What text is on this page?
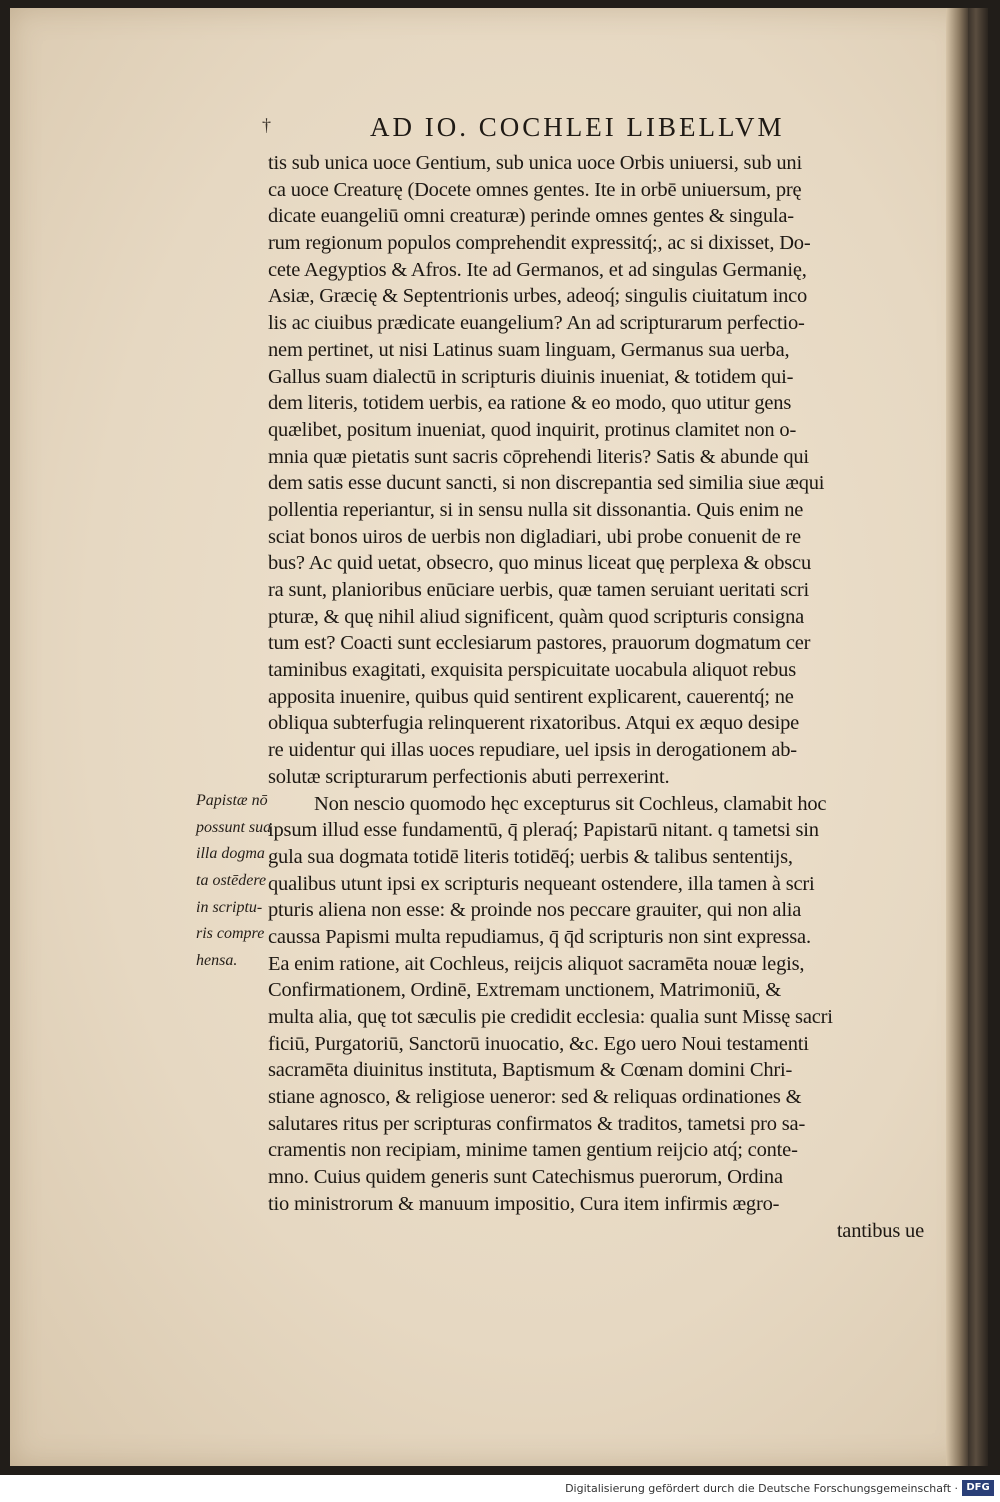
†	AD IO. COCHLEI LIBELLVM
tis sub unica uoce Gentium, sub unica uoce Orbis uniuersi, sub uni
ca uoce Creaturę (Docete omnes gentes. Ite in orbē uniuersum, prę
dicate euangeliū omni creaturæ) perinde omnes gentes & singula-
rum regionum populos comprehendit expressitq́;, ac si dixisset, Do-
cete Aegyptios & Afros. Ite ad Germanos, et ad singulas Germanię,
Asiæ, Græcię & Septentrionis urbes, adeoq́; singulis ciuitatum inco
lis ac ciuibus prædicate euangelium? An ad scripturarum perfectio-
nem pertinet, ut nisi Latinus suam linguam, Germanus sua uerba,
Gallus suam dialectū in scripturis diuinis inueniat, & totidem qui-
dem literis, totidem uerbis, ea ratione & eo modo, quo utitur gens
quælibet, positum inueniat, quod inquirit, protinus clamitet non o-
mnia quæ pietatis sunt sacris cōprehendi literis? Satis & abunde qui
dem satis esse ducunt sancti, si non discrepantia sed similia siue æqui
pollentia reperiantur, si in sensu nulla sit dissonantia. Quis enim ne
sciat bonos uiros de uerbis non digladiari, ubi probe conuenit de re
bus? Ac quid uetat, obsecro, quo minus liceat quę perplexa & obscu
ra sunt, planioribus enūciare uerbis, quæ tamen seruiant ueritati scri
pturæ, & quę nihil aliud significent, quàm quod scripturis consigna
tum est? Coacti sunt ecclesiarum pastores, prauorum dogmatum cer
taminibus exagitati, exquisita perspicuitate uocabula aliquot rebus
apposita inuenire, quibus quid sentirent explicarent, cauerentq́; ne
obliqua subterfugia relinquerent rixatoribus. Atqui ex æquo desipe
re uidentur qui illas uoces repudiare, uel ipsis in derogationem ab-
solutæ scripturarum perfectionis abuti perrexerint.
Non nescio quomodo hęc excepturus sit Cochleus, clamabit hoc
ipsum illud esse fundamentū, q̄ pleraq́; Papistarū nitant. q tametsi sin
gula sua dogmata totidē literis totidēq́; uerbis & talibus sententijs,
qualibus utunt ipsi ex scripturis nequeant ostendere, illa tamen à scri
pturis aliena non esse: & proinde nos peccare grauiter, qui non alia
caussa Papismi multa repudiamus, q̄ q̄d scripturis non sint expressa.
Ea enim ratione, ait Cochleus, reijcis aliquot sacramēta nouæ legis,
Confirmationem, Ordinē, Extremam unctionem, Matrimoniū, &
multa alia, quę tot sæculis pie credidit ecclesia: qualia sunt Missę sacri
ficiū, Purgatoriū, Sanctorū inuocatio, &c. Ego uero Noui testamenti
sacramēta diuinitus instituta, Baptismum & Cœnam domini Chri-
stiane agnosco, & religiose ueneror: sed & reliquas ordinationes &
salutares ritus per scripturas confirmatos & traditos, tametsi pro sa-
cramentis non recipiam, minime tamen gentium reijcio atq́; conte-
mno. Cuius quidem generis sunt Catechismus puerorum, Ordina
tio ministrorum & manuum impositio, Cura item infirmis ægro-
tantibus ue
Papistæ nō
possunt sua
illa dogma
ta ostēdere
in scriptu-
ris compre
hensa.
Digitalisierung gefördert durch die Deutsche Forschungsgemeinschaft · DFG
